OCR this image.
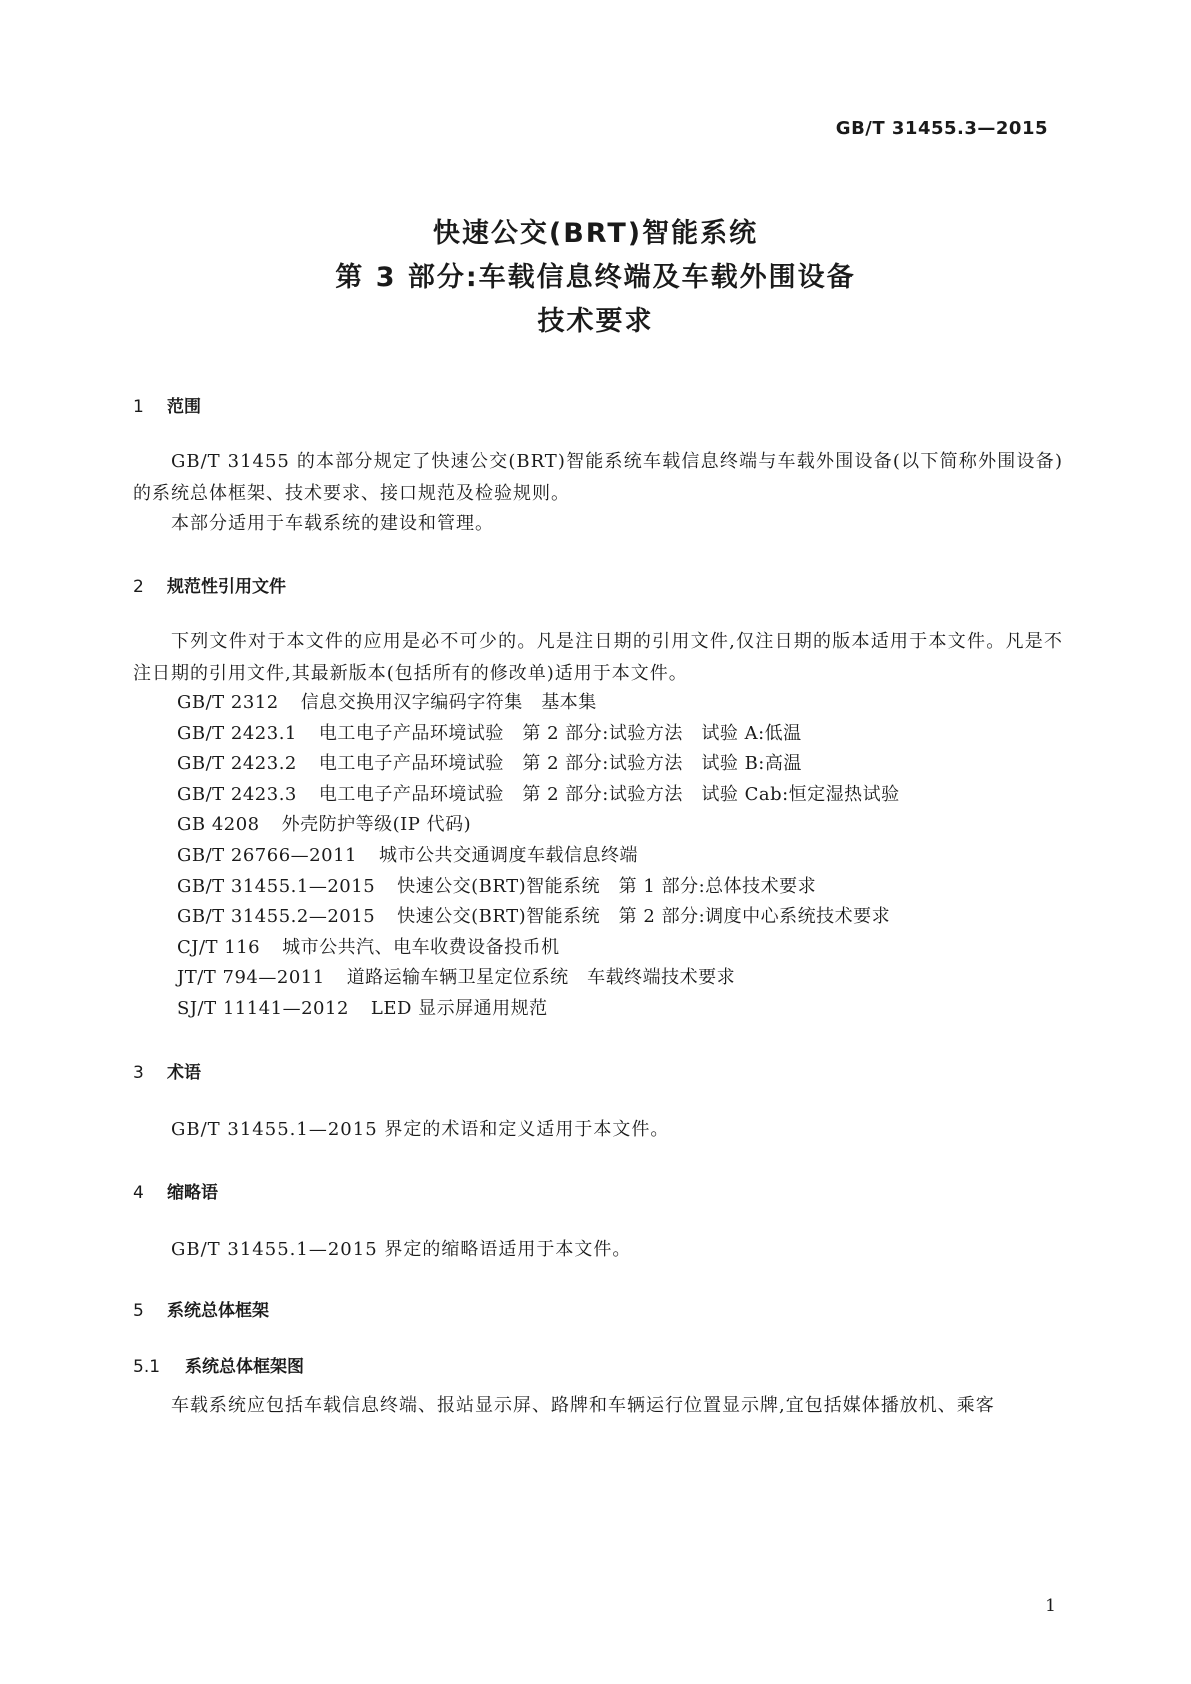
GB/T 31455.3—2015
快速公交(BRT)智能系统
第 3 部分:车载信息终端及车载外围设备
技术要求
1 范围
GB/T 31455 的本部分规定了快速公交(BRT)智能系统车载信息终端与车载外围设备(以下简称外围设备)的系统总体框架、技术要求、接口规范及检验规则。
本部分适用于车载系统的建设和管理。
2 规范性引用文件
下列文件对于本文件的应用是必不可少的。凡是注日期的引用文件,仅注日期的版本适用于本文件。凡是不注日期的引用文件,其最新版本(包括所有的修改单)适用于本文件。
GB/T 2312 信息交换用汉字编码字符集　基本集
GB/T 2423.1 电工电子产品环境试验　第 2 部分:试验方法　试验 A:低温
GB/T 2423.2 电工电子产品环境试验　第 2 部分:试验方法　试验 B:高温
GB/T 2423.3 电工电子产品环境试验　第 2 部分:试验方法　试验 Cab:恒定湿热试验
GB 4208 外壳防护等级(IP 代码)
GB/T 26766—2011 城市公共交通调度车载信息终端
GB/T 31455.1—2015 快速公交(BRT)智能系统　第 1 部分:总体技术要求
GB/T 31455.2—2015 快速公交(BRT)智能系统　第 2 部分:调度中心系统技术要求
CJ/T 116 城市公共汽、电车收费设备投币机
JT/T 794—2011 道路运输车辆卫星定位系统　车载终端技术要求
SJ/T 11141—2012 LED 显示屏通用规范
3 术语
GB/T 31455.1—2015 界定的术语和定义适用于本文件。
4 缩略语
GB/T 31455.1—2015 界定的缩略语适用于本文件。
5 系统总体框架
5.1 系统总体框架图
车载系统应包括车载信息终端、报站显示屏、路牌和车辆运行位置显示牌,宜包括媒体播放机、乘客
1
